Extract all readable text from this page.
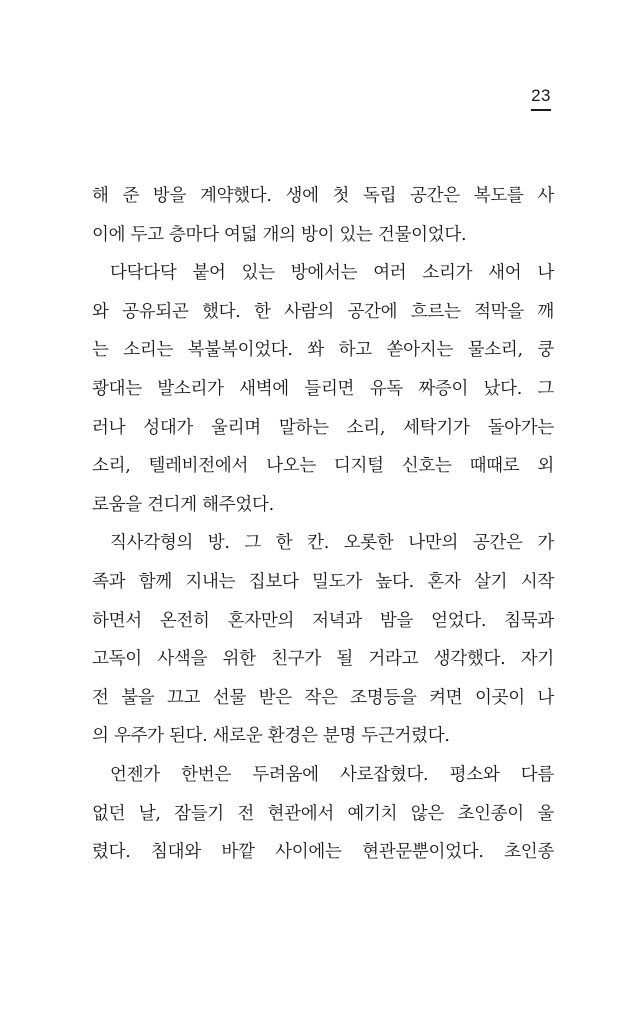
23
해 준 방을 계약했다. 생에 첫 독립 공간은 복도를 사
이에 두고 층마다 여덟 개의 방이 있는 건물이었다.
다닥다닥 붙어 있는 방에서는 여러 소리가 새어 나
와 공유되곤 했다. 한 사람의 공간에 흐르는 적막을 깨
는 소리는 복불복이었다. 쏴 하고 쏟아지는 물소리, 쿵
쾅대는 발소리가 새벽에 들리면 유독 짜증이 났다. 그
러나 성대가 울리며 말하는 소리, 세탁기가 돌아가는
소리, 텔레비전에서 나오는 디지털 신호는 때때로 외
로움을 견디게 해주었다.
직사각형의 방. 그 한 칸. 오롯한 나만의 공간은 가
족과 함께 지내는 집보다 밀도가 높다. 혼자 살기 시작
하면서 온전히 혼자만의 저녁과 밤을 얻었다. 침묵과
고독이 사색을 위한 친구가 될 거라고 생각했다. 자기
전 불을 끄고 선물 받은 작은 조명등을 켜면 이곳이 나
의 우주가 된다. 새로운 환경은 분명 두근거렸다.
언젠가 한번은 두려움에 사로잡혔다. 평소와 다름
없던 날, 잠들기 전 현관에서 예기치 않은 초인종이 울
렸다. 침대와 바깥 사이에는 현관문뿐이었다. 초인종
